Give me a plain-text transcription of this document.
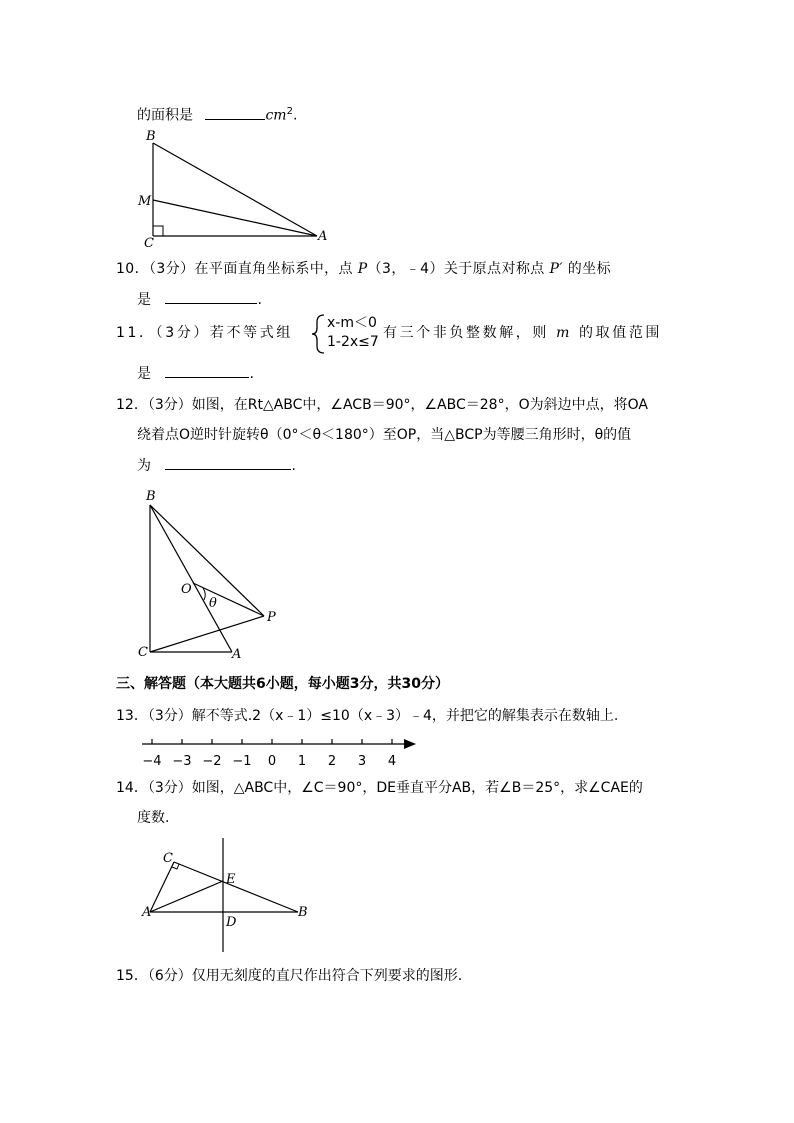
的面积是	$cm^2$.
B
M
C	A
10．（3分）在平面直角坐标系中，点 P（3，﹣4）关于原点对称点 P′ 的坐标
是	.
11．（3分）若不等式组
x-m＜0
1-2x≤7
有三个非负整数解，则 m 的取值范围
是	.
12．（3分）如图，在Rt△ABC中，∠ACB＝90°，∠ABC＝28°，O为斜边中点，将OA
绕着点O逆时针旋转θ（0°＜θ＜180°）至OP，当△BCP为等腰三角形时，θ的值
为	.
B
O
θ
P
C	A
三、解答题（本大题共6小题，每小题3分，共30分）
13．（3分）解不等式.2（x﹣1）≤10（x﹣3）﹣4，并把它的解集表示在数轴上.
−4 −3 −2 −1 0 1 2 3 4
14．（3分）如图，△ABC中，∠C＝90°，DE垂直平分AB，若∠B＝25°，求∠CAE的
度数.
C
E
A
D
B
15．（6分）仅用无刻度的直尺作出符合下列要求的图形.
